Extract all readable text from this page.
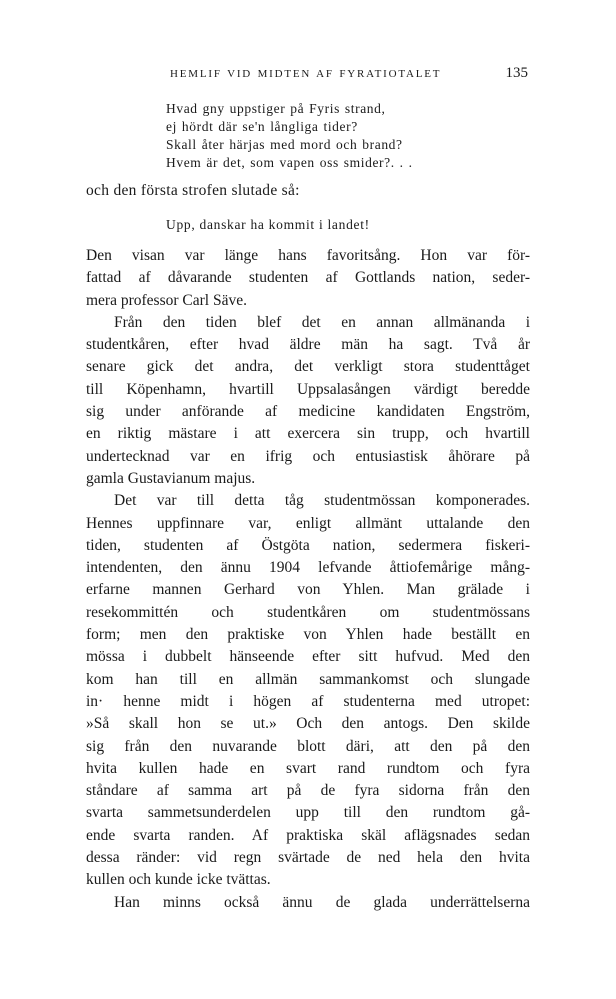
HEMLIF VID MIDTEN AF FYRATIOTALET	135
Hvad gny uppstiger på Fyris strand,
ej hördt där se'n långliga tider?
Skall åter härjas med mord och brand?
Hvem är det, som vapen oss smider?. . .
och den första strofen slutade så:
Upp, danskar ha kommit i landet!
Den visan var länge hans favoritsång. Hon var för-
fattad af dåvarande studenten af Gottlands nation, seder-
mera professor Carl Säve.
Från den tiden blef det en annan allmänanda i
studentkåren, efter hvad äldre män ha sagt. Två år
senare gick det andra, det verkligt stora studenttåget
till Köpenhamn, hvartill Uppsalasången värdigt beredde
sig under anförande af medicine kandidaten Engström,
en riktig mästare i att exercera sin trupp, och hvartill
undertecknad var en ifrig och entusiastisk åhörare på
gamla Gustavianum majus.
Det var till detta tåg studentmössan komponerades.
Hennes uppfinnare var, enligt allmänt uttalande den
tiden, studenten af Östgöta nation, sedermera fiskeri-
intendenten, den ännu 1904 lefvande åttiofemårige mång-
erfarne mannen Gerhard von Yhlen. Man grälade i
resekommittén och studentkåren om studentmössans
form; men den praktiske von Yhlen hade beställt en
mössa i dubbelt hänseende efter sitt hufvud. Med den
kom han till en allmän sammankomst och slungade
in· henne midt i högen af studenterna med utropet:
»Så skall hon se ut.» Och den antogs. Den skilde
sig från den nuvarande blott däri, att den på den
hvita kullen hade en svart rand rundtom och fyra
ståndare af samma art på de fyra sidorna från den
svarta sammetsunderdelen upp till den rundtom gå-
ende svarta randen. Af praktiska skäl aflägsnades sedan
dessa ränder: vid regn svärtade de ned hela den hvita
kullen och kunde icke tvättas.
Han minns också ännu de glada underrättelserna
